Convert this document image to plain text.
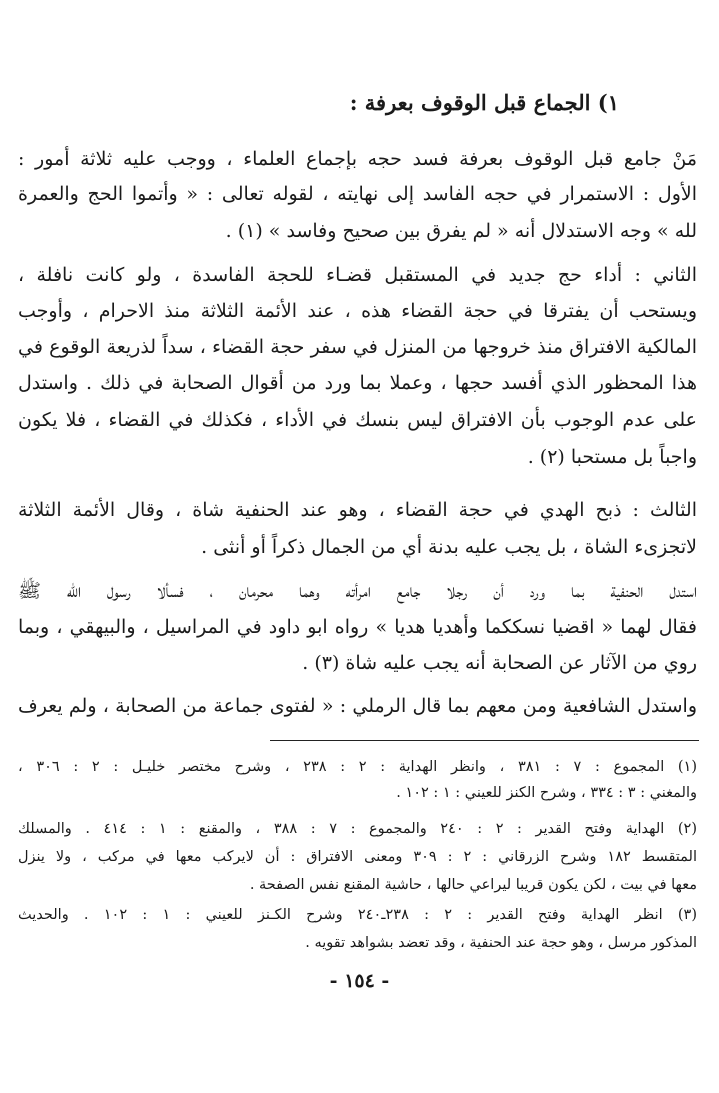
١) الجماع قبل الوقوف بعرفة :
مَنْ جامع قبل الوقوف بعرفة فسد حجه بإجماع العلماء ، ووجب عليه ثلاثة أمور :
الأول : الاستمرار في حجه الفاسد إلى نهايته ، لقوله تعالى : « وأتموا الحج والعمرة
لله » وجه الاستدلال أنه « لم يفرق بين صحيح وفاسد » (١) .
الثاني : أداء حج جديد في المستقبل قضـاء للحجة الفاسدة ، ولو كانت نافلة ،
ويستحب أن يفترقا في حجة القضاء هذه ، عند الأئمة الثلاثة منذ الاحرام ، وأوجب
المالكية الافتراق منذ خروجها من المنزل في سفر حجة القضاء ، سداً لذريعة الوقوع في
هذا المحظور الذي أفسد حجها ، وعملا بما ورد من أقوال الصحابة في ذلك . واستدل
على عدم الوجوب بأن الافتراق ليس بنسك في الأداء ، فكذلك في القضاء ، فلا يكون
واجباً بل مستحبا (٢) .
الثالث : ذبح الهدي في حجة القضاء ، وهو عند الحنفية شاة ، وقال الأئمة الثلاثة
لاتجزىء الشاة ، بل يجب عليه بدنة أي من الجمال ذكراً أو أنثى .
استدل الحنفية بما ورد أن رجلا جامع امرأته وهما محرمان ، فسألا رسول الله ﷺ
فقال لهما « اقضيا نسككما وأهديا هديا » رواه ابو داود في المراسيل ، والبيهقي ، وبما
روي من الآثار عن الصحابة أنه يجب عليه شاة (٣) .
واستدل الشافعية ومن معهم بما قال الرملي : « لفتوى جماعة من الصحابة ، ولم يعرف
(١) المجموع : ٧ : ٣٨١ ، وانظر الهداية : ٢ : ٢٣٨ ، وشرح مختصر خليـل : ٢ : ٣٠٦ ،
والمغني : ٣ : ٣٣٤ ، وشرح الكنز للعيني : ١ : ١٠٢ .
(٢) الهداية وفتح القدير : ٢ : ٢٤٠ والمجموع : ٧ : ٣٨٨ ، والمقنع : ١ : ٤١٤ . والمسلك
المتقسط ١٨٢ وشرح الزرقاني : ٢ : ٣٠٩ ومعنى الافتراق : أن لايركب معها في مركب ، ولا ينزل
معها في بيت ، لكن يكون قريبا ليراعي حالها ، حاشية المقنع نفس الصفحة .
(٣) انظر الهداية وفتح القدير : ٢ : ٢٣٨ـ٢٤٠ وشرح الكـنز للعيني : ١ : ١٠٢ . والحديث
المذكور مرسل ، وهو حجة عند الحنفية ، وقد تعضد بشواهد تقويه .
- ١٥٤ -
